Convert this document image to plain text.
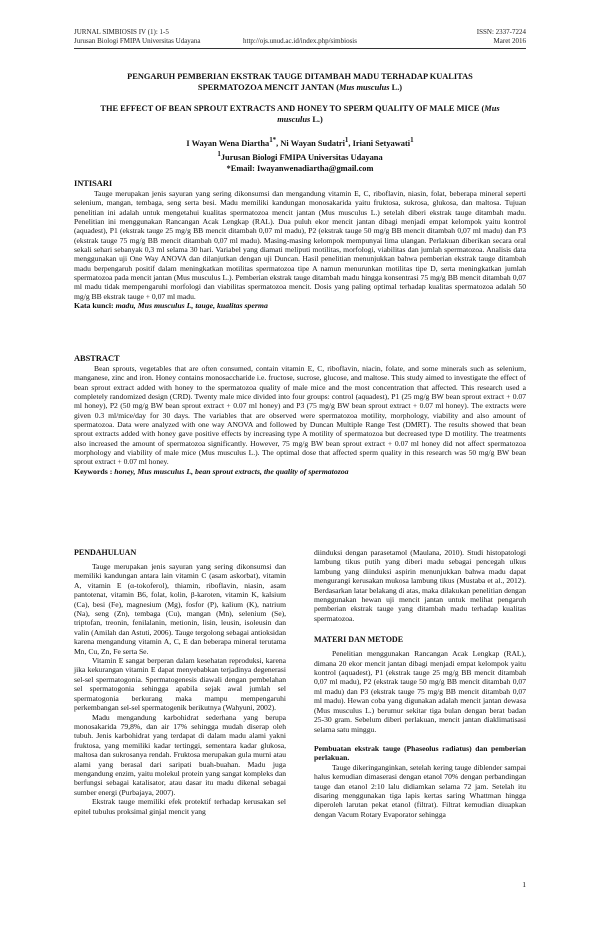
JURNAL SIMBIOSIS IV (1): 1-5
Jurusan Biologi FMIPA Universitas Udayana	http://ojs.unud.ac.id/index.php/simbiosis
ISSN: 2337-7224
Maret 2016
PENGARUH PEMBERIAN EKSTRAK TAUGE DITAMBAH MADU TERHADAP KUALITAS
SPERMATOZOA MENCIT JANTAN (Mus musculus L.)
THE EFFECT OF BEAN SPROUT EXTRACTS AND HONEY TO SPERM QUALITY OF MALE MICE (Mus musculus L.)
I Wayan Wena Diartha$^{1*}$, Ni Wayan Sudatri$^1$, Iriani Setyawati$^1$
$^1$Jurusan Biologi FMIPA Universitas Udayana
*Email: Iwayanwenadiartha@gmail.com
INTISARI

Tauge merupakan jenis sayuran yang sering dikonsumsi dan mengandung vitamin E, C, riboflavin, niasin, folat, beberapa mineral seperti selenium, mangan, tembaga, seng serta besi. Madu memiliki kandungan monosakarida yaitu fruktosa, sukrosa, glukosa, dan maltosa. Tujuan penelitian ini adalah untuk mengetahui kualitas spermatozoa mencit jantan (Mus musculus L.) setelah diberi ekstrak tauge ditambah madu. Penelitian ini menggunakan Rancangan Acak Lengkap (RAL). Dua puluh ekor mencit jantan dibagi menjadi empat kelompok yaitu kontrol (aquadest), P1 (ekstrak tauge 25 mg/g BB mencit ditambah 0,07 ml madu), P2 (ekstrak tauge 50 mg/g BB mencit ditambah 0,07 ml madu) dan P3 (ekstrak tauge 75 mg/g BB mencit ditambah 0,07 ml madu). Masing-masing kelompok mempunyai lima ulangan. Perlakuan diberikan secara oral sekali sehari sebanyak 0,3 ml selama 30 hari. Variabel yang diamati meliputi motilitas, morfologi, viabilitas dan jumlah spermatozoa. Analisis data menggunakan uji One Way ANOVA dan dilanjutkan dengan uji Duncan. Hasil penelitian menunjukkan bahwa pemberian ekstrak tauge ditambah madu berpengaruh positif dalam meningkatkan motilitas spermatozoa tipe A namun menurunkan motilitas tipe D, serta meningkatkan jumlah spermatozoa pada mencit jantan (Mus musculus L.). Pemberian ekstrak tauge ditambah madu hingga konsentrasi 75 mg/g BB mencit ditambah 0,07 ml madu tidak mempengaruhi morfologi dan viabilitas spermatozoa mencit. Dosis yang paling optimal terhadap kualitas spermatozoa adalah 50 mg/g BB ekstrak tauge + 0,07 ml madu.

Kata kunci: madu, Mus musculus L, tauge, kualitas sperma

ABSTRACT

Bean sprouts, vegetables that are often consumed, contain vitamin E, C, riboflavin, niacin, folate, and some minerals such as selenium, manganese, zinc and iron. Honey contains monosaccharide i.e. fructose, sucrose, glucose, and maltose. This study aimed to investigate the effect of bean sprout extract added with honey to the spermatozoa quality of male mice and the most concentration that affected. This research used a completely randomized design (CRD). Twenty male mice divided into four groups: control (aquadest), P1 (25 mg/g BW bean sprout extract + 0.07 ml honey), P2 (50 mg/g BW bean sprout extract + 0.07 ml honey) and P3 (75 mg/g BW bean sprout extract + 0.07 ml honey). The extracts were given 0.3 ml/mice/day for 30 days. The variables that are observed were spermatozoa motility, morphology, viability and also amount of spermatozoa. Data were analyzed with one way ANOVA and followed by Duncan Multiple Range Test (DMRT). The results showed that bean sprout extracts added with honey gave positive effects by increasing type A motility of spermatozoa but decreased type D motility. The treatments also increased the amount of spermatozoa significantly. However, 75 mg/g BW bean sprout extract + 0.07 ml honey did not affect spermatozoa morphology and viability of male mice (Mus musculus L.). The optimal dose that affected sperm quality in this research was 50 mg/g BW bean sprout extract + 0.07 ml honey.

Keywords : honey, Mus musculus L, bean sprout extracts, the quality of spermatozoa

PENDAHULUAN

Tauge merupakan jenis sayuran yang sering dikonsumsi dan memiliki kandungan antara lain vitamin C (asam askorbat), vitamin A, vitamin E (α-tokoferol), thiamin, riboflavin, niasin, asam pantotenat, vitamin B6, folat, kolin, β-karoten, vitamin K, kalsium (Ca), besi (Fe), magnesium (Mg), fosfor (P), kalium (K), natrium (Na), seng (Zn), tembaga (Cu), mangan (Mn), selenium (Se), triptofan, treonin, fenilalanin, metionin, lisin, leusin, isoleusin dan valin (Amilah dan Astuti, 2006). Tauge tergolong sebagai antioksidan karena mengandung vitamin A, C, E dan beberapa mineral terutama Mn, Cu, Zn, Fe serta Se.

Vitamin E sangat berperan dalam kesehatan reproduksi, karena jika kekurangan vitamin E dapat menyebabkan terjadinya degenerasi sel-sel spermatogonia. Spermatogenesis diawali dengan pembelahan sel spermatogonia sehingga apabila sejak awal jumlah sel spermatogonia berkurang maka mampu mempengaruhi perkembangan sel-sel spermatogenik berikutnya (Wahyuni, 2002).

Madu mengandung karbohidrat sederhana yang berupa monosakarida 79,8%, dan air 17% sehingga mudah diserap oleh tubuh. Jenis karbohidrat yang terdapat di dalam madu alami yakni fruktosa, yang memiliki kadar tertinggi, sementara kadar glukosa, maltosa dan sukrosanya rendah. Fruktosa merupakan gula murni atau alami yang berasal dari saripati buah-buahan. Madu juga mengandung enzim, yaitu molekul protein yang sangat kompleks dan berfungsi sebagai katalisator, atau dasar itu madu dikenal sebagai sumber energi (Purbajaya, 2007).

Ekstrak tauge memiliki efek protektif terhadap kerusakan sel epitel tubulus proksimal ginjal mencit yang

diinduksi dengan parasetamol (Maulana, 2010). Studi histopatologi lambung tikus putih yang diberi madu sebagai pencegah ulkus lambung yang diinduksi aspirin menunjukkan bahwa madu dapat mengurangi kerusakan mukosa lambung tikus (Mustaba et al., 2012). Berdasarkan latar belakang di atas, maka dilakukan penelitian dengan menggunakan hewan uji mencit jantan untuk melihat pengaruh pemberian ekstrak tauge yang ditambah madu terhadap kualitas spermatozoa.

MATERI DAN METODE

Penelitian menggunakan Rancangan Acak Lengkap (RAL), dimana 20 ekor mencit jantan dibagi menjadi empat kelompok yaitu kontrol (aquadest), P1 (ekstrak tauge 25 mg/g BB mencit ditambah 0,07 ml madu), P2 (ekstrak tauge 50 mg/g BB mencit ditambah 0,07 ml madu) dan P3 (ekstrak tauge 75 mg/g BB mencit ditambah 0,07 ml madu). Hewan coba yang digunakan adalah mencit jantan dewasa (Mus musculus L.) berumur sekitar tiga bulan dengan berat badan 25-30 gram. Sebelum diberi perlakuan, mencit jantan diaklimatisasi selama satu minggu.

Pembuatan ekstrak tauge (Phaseolus radiatus) dan pemberian perlakuan.

Tauge dikeringanginkan, setelah kering tauge diblender sampai halus kemudian dimaserasi dengan etanol 70% dengan perbandingan tauge dan etanol 2:10 lalu didiamkan selama 72 jam. Setelah itu disaring menggunakan tiga lapis kertas saring Whattman hingga diperoleh larutan pekat etanol (filtrat). Filtrat kemudian diuapkan dengan Vacum Rotary Evaporator sehingga

1
